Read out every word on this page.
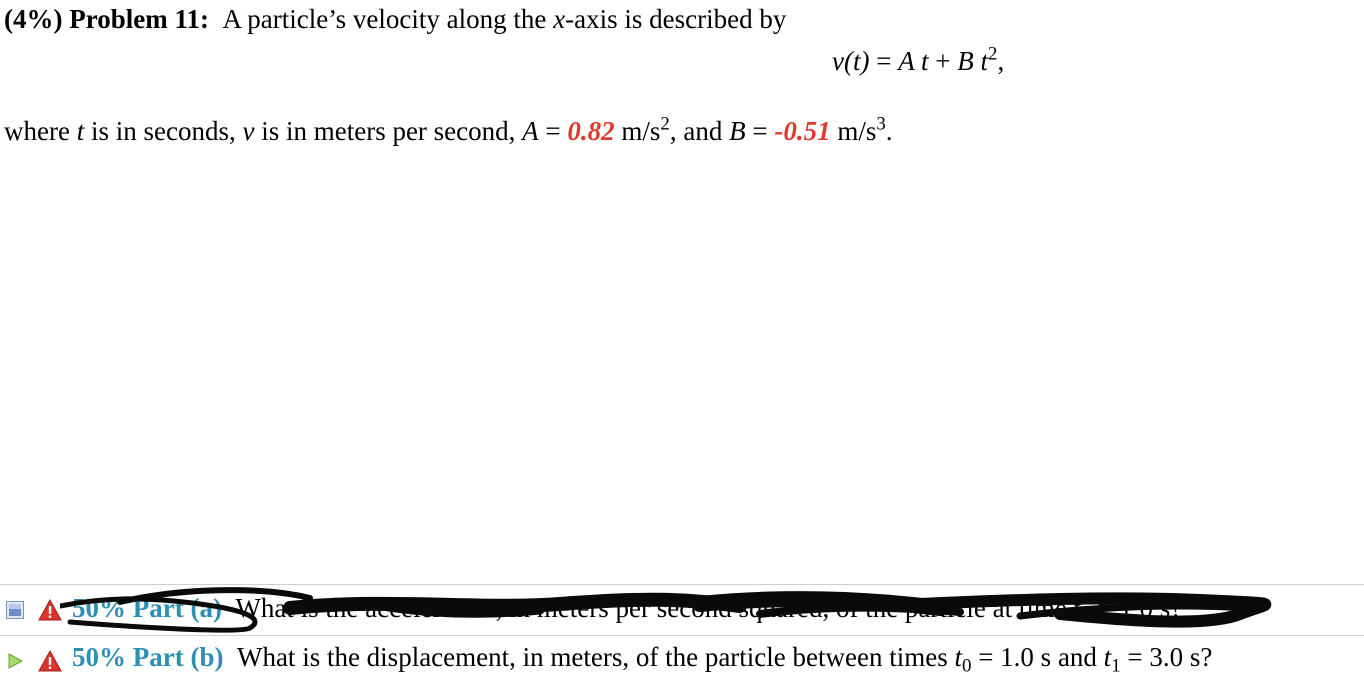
(4%) Problem 11: A particle’s velocity along the x-axis is described by
v(t) = A t + B $t^2$,
where t is in seconds, v is in meters per second, A = 0.82 $m/s^2$, and B = -0.51 $m/s^3$.

50% Part (a) What is the acceleration, in meters per second squared, of the particle at time $t_0 = 1.0$ s?
50% Part (b) What is the displacement, in meters, of the particle between times $t_0 = 1.0$ s and $t_1 = 3.0$ s?
